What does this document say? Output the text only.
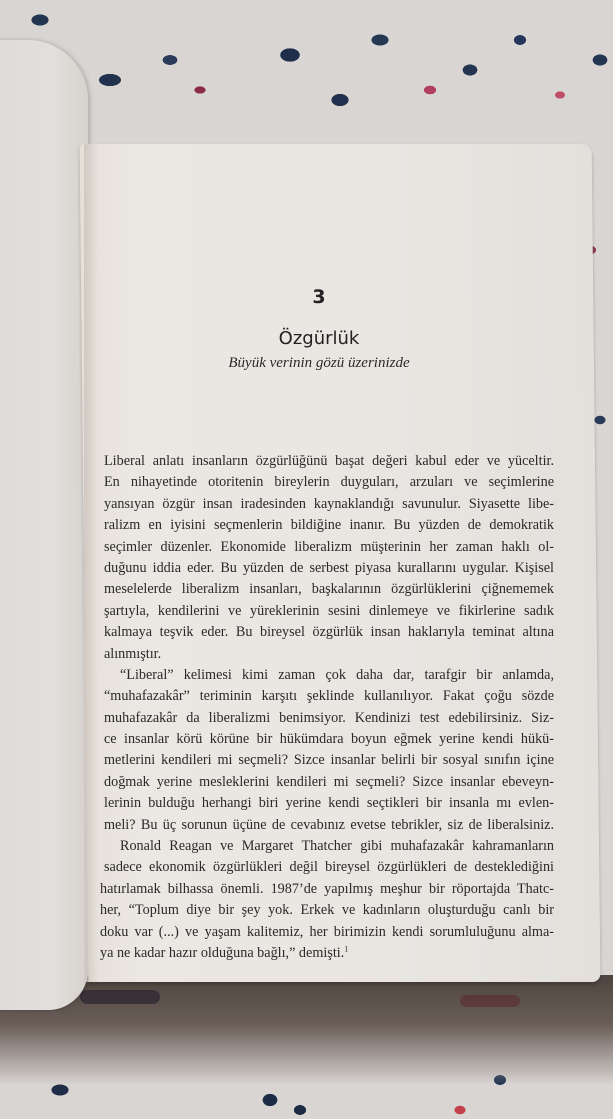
3
Özgürlük
Büyük verinin gözü üzerinizde
Liberal anlatı insanların özgürlüğünü başat değeri kabul eder ve yüceltir.
En nihayetinde otoritenin bireylerin duyguları, arzuları ve seçimlerine
yansıyan özgür insan iradesinden kaynaklandığı savunulur. Siyasette libe-
ralizm en iyisini seçmenlerin bildiğine inanır. Bu yüzden de demokratik
seçimler düzenler. Ekonomide liberalizm müşterinin her zaman haklı ol-
duğunu iddia eder. Bu yüzden de serbest piyasa kurallarını uygular. Kişisel
meselelerde liberalizm insanları, başkalarının özgürlüklerini çiğnememek
şartıyla, kendilerini ve yüreklerinin sesini dinlemeye ve fikirlerine sadık
kalmaya teşvik eder. Bu bireysel özgürlük insan haklarıyla teminat altına
alınmıştır.
“Liberal” kelimesi kimi zaman çok daha dar, tarafgir bir anlamda,
“muhafazakâr” teriminin karşıtı şeklinde kullanılıyor. Fakat çoğu sözde
muhafazakâr da liberalizmi benimsiyor. Kendinizi test edebilirsiniz. Siz-
ce insanlar körü körüne bir hükümdara boyun eğmek yerine kendi hükü-
metlerini kendileri mi seçmeli? Sizce insanlar belirli bir sosyal sınıfın içine
doğmak yerine mesleklerini kendileri mi seçmeli? Sizce insanlar ebeveyn-
lerinin bulduğu herhangi biri yerine kendi seçtikleri bir insanla mı evlen-
meli? Bu üç sorunun üçüne de cevabınız evetse tebrikler, siz de liberalsiniz.
Ronald Reagan ve Margaret Thatcher gibi muhafazakâr kahramanların
sadece ekonomik özgürlükleri değil bireysel özgürlükleri de desteklediğini
hatırlamak bilhassa önemli. 1987’de yapılmış meşhur bir röportajda Thatc-
her, “Toplum diye bir şey yok. Erkek ve kadınların oluşturduğu canlı bir
doku var (...) ve yaşam kalitemiz, her birimizin kendi sorumluluğunu alma-
ya ne kadar hazır olduğuna bağlı,” demişti.$^1$
